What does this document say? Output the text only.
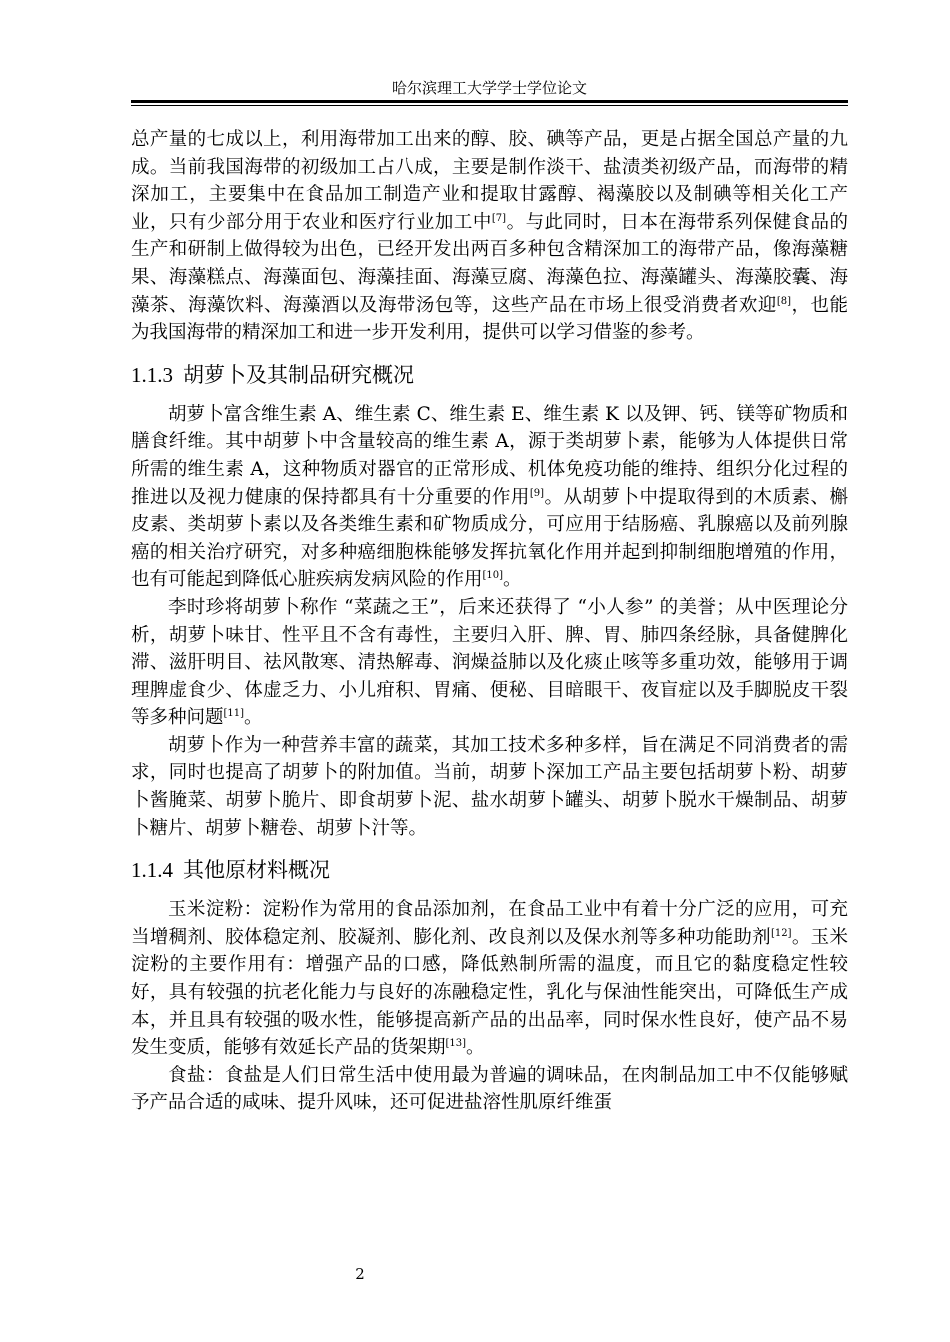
哈尔滨理工大学学士学位论文

总产量的七成以上，利用海带加工出来的醇、胶、碘等产品，更是占据全国总产量的九成。当前我国海带的初级加工占八成，主要是制作淡干、盐渍类初级产品，而海带的精深加工，主要集中在食品加工制造产业和提取甘露醇、褐藻胶以及制碘等相关化工产业，只有少部分用于农业和医疗行业加工中[7]。与此同时，日本在海带系列保健食品的生产和研制上做得较为出色，已经开发出两百多种包含精深加工的海带产品，像海藻糖果、海藻糕点、海藻面包、海藻挂面、海藻豆腐、海藻色拉、海藻罐头、海藻胶囊、海藻茶、海藻饮料、海藻酒以及海带汤包等，这些产品在市场上很受消费者欢迎[8]，也能为我国海带的精深加工和进一步开发利用，提供可以学习借鉴的参考。

1.1.3 胡萝卜及其制品研究概况

胡萝卜富含维生素 A、维生素 C、维生素 E、维生素 K 以及钾、钙、镁等矿物质和膳食纤维。其中胡萝卜中含量较高的维生素 A，源于类胡萝卜素，能够为人体提供日常所需的维生素 A，这种物质对器官的正常形成、机体免疫功能的维持、组织分化过程的推进以及视力健康的保持都具有十分重要的作用[9]。从胡萝卜中提取得到的木质素、槲皮素、类胡萝卜素以及各类维生素和矿物质成分，可应用于结肠癌、乳腺癌以及前列腺癌的相关治疗研究，对多种癌细胞株能够发挥抗氧化作用并起到抑制细胞增殖的作用，也有可能起到降低心脏疾病发病风险的作用[10]。

李时珍将胡萝卜称作 “菜蔬之王”，后来还获得了 “小人参” 的美誉；从中医理论分析，胡萝卜味甘、性平且不含有毒性，主要归入肝、脾、胃、肺四条经脉，具备健脾化滞、滋肝明目、祛风散寒、清热解毒、润燥益肺以及化痰止咳等多重功效，能够用于调理脾虚食少、体虚乏力、小儿疳积、胃痛、便秘、目暗眼干、夜盲症以及手脚脱皮干裂等多种问题[11]。

胡萝卜作为一种营养丰富的蔬菜，其加工技术多种多样，旨在满足不同消费者的需求，同时也提高了胡萝卜的附加值。当前，胡萝卜深加工产品主要包括胡萝卜粉、胡萝卜酱腌菜、胡萝卜脆片、即食胡萝卜泥、盐水胡萝卜罐头、胡萝卜脱水干燥制品、胡萝卜糖片、胡萝卜糖卷、胡萝卜汁等。

1.1.4 其他原材料概况

玉米淀粉：淀粉作为常用的食品添加剂，在食品工业中有着十分广泛的应用，可充当增稠剂、胶体稳定剂、胶凝剂、膨化剂、改良剂以及保水剂等多种功能助剂[12]。玉米淀粉的主要作用有：增强产品的口感，降低熟制所需的温度，而且它的黏度稳定性较好，具有较强的抗老化能力与良好的冻融稳定性，乳化与保油性能突出，可降低生产成本，并且具有较强的吸水性，能够提高新产品的出品率，同时保水性良好，使产品不易发生变质，能够有效延长产品的货架期[13]。

食盐：食盐是人们日常生活中使用最为普遍的调味品，在肉制品加工中不仅能够赋予产品合适的咸味、提升风味，还可促进盐溶性肌原纤维蛋

2
